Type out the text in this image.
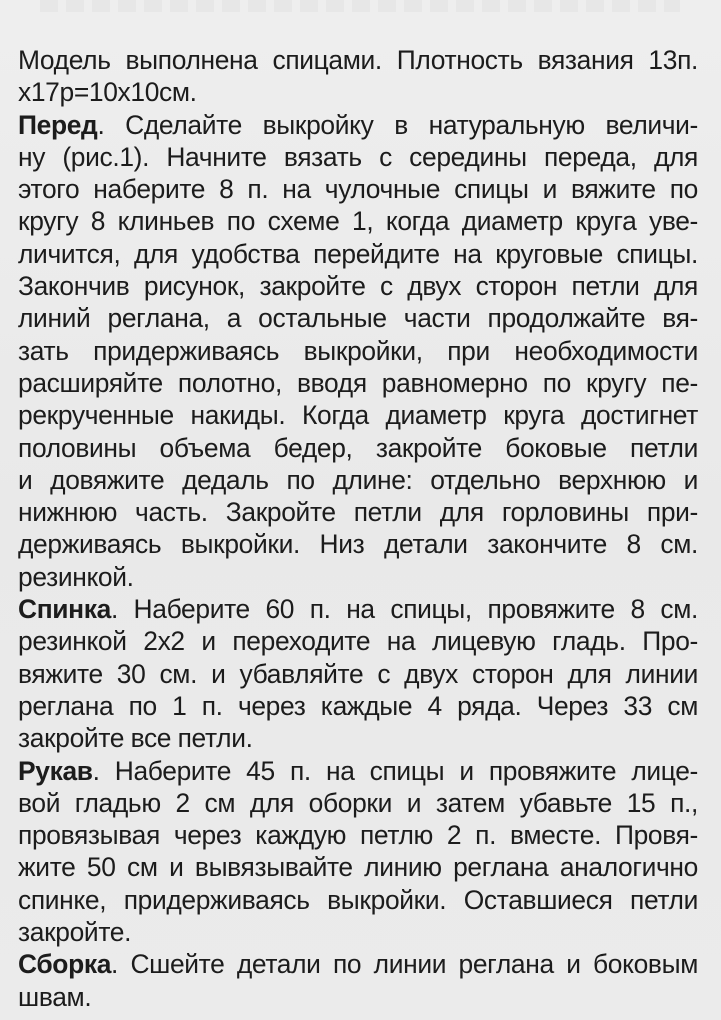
Модель выполнена спицами. Плотность вязания 13п.
х17р=10х10см.
Перед. Сделайте выкройку в натуральную величи-
ну (рис.1). Начните вязать с середины переда, для
этого наберите 8 п. на чулочные спицы и вяжите по
кругу 8 клиньев по схеме 1, когда диаметр круга уве-
личится, для удобства перейдите на круговые спицы.
Закончив рисунок, закройте с двух сторон петли для
линий реглана, а остальные части продолжайте вя-
зать придерживаясь выкройки, при необходимости
расширяйте полотно, вводя равномерно по кругу пе-
рекрученные накиды. Когда диаметр круга достигнет
половины объема бедер, закройте боковые петли
и довяжите дедаль по длине: отдельно верхнюю и
нижнюю часть. Закройте петли для горловины при-
держиваясь выкройки. Низ детали закончите 8 см.
резинкой.
Спинка. Наберите 60 п. на спицы, провяжите 8 см.
резинкой 2х2 и переходите на лицевую гладь. Про-
вяжите 30 см. и убавляйте с двух сторон для линии
реглана по 1 п. через каждые 4 ряда. Через 33 см
закройте все петли.
Рукав. Наберите 45 п. на спицы и провяжите лице-
вой гладью 2 см для оборки и затем убавьте 15 п.,
провязывая через каждую петлю 2 п. вместе. Провя-
жите 50 см и вывязывайте линию реглана аналогично
спинке, придерживаясь выкройки. Оставшиеся петли
закройте.
Сборка. Сшейте детали по линии реглана и боковым
швам.
